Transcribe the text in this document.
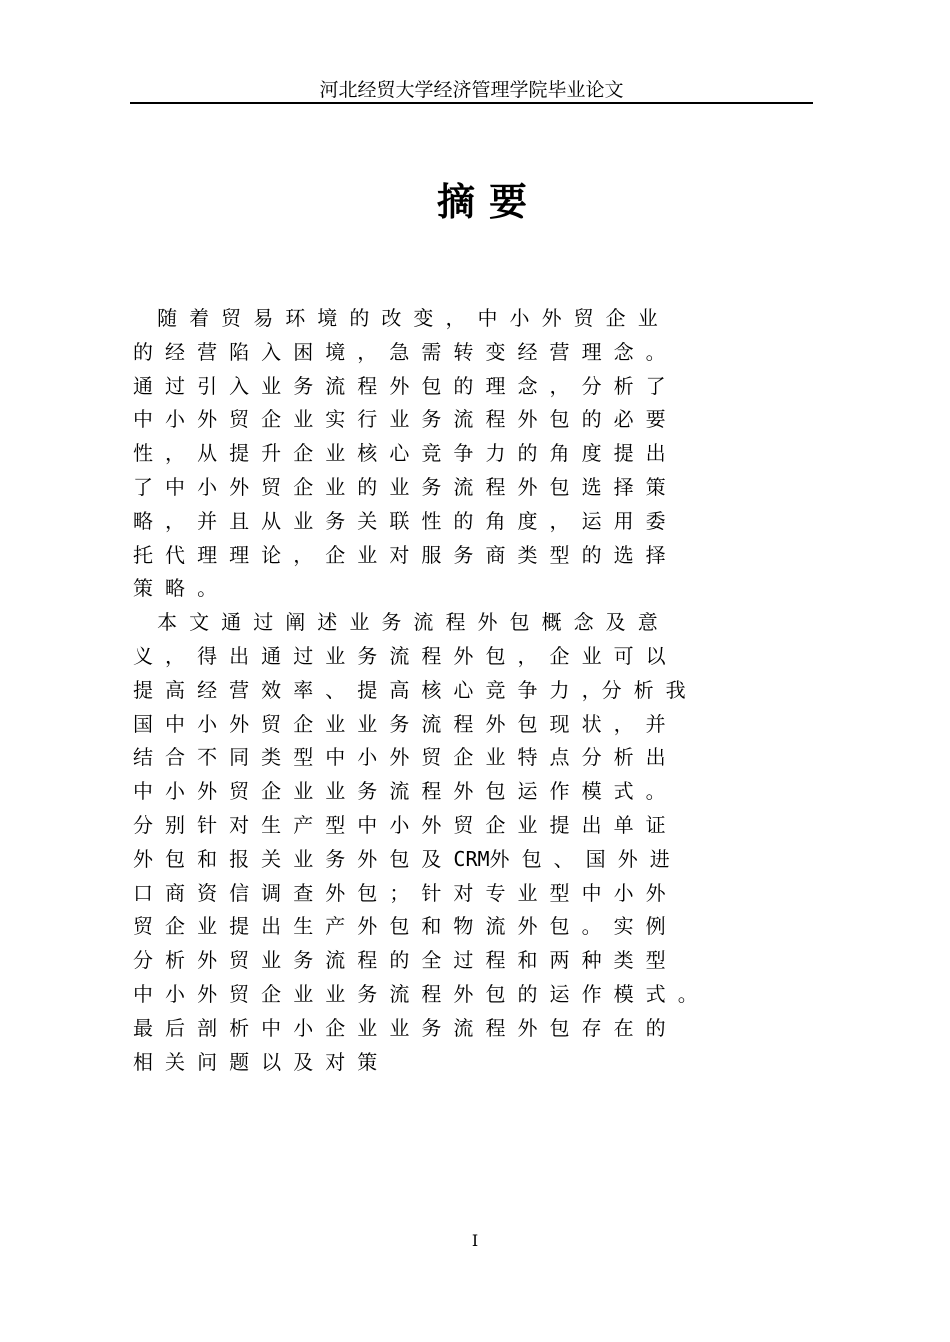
河北经贸大学经济管理学院毕业论文
摘要
随 着 贸 易 环 境 的 改 变 ， 中 小 外 贸 企 业
的 经 营 陷 入 困 境 ， 急 需 转 变 经 营 理 念 。
通 过 引 入 业 务 流 程 外 包 的 理 念 ， 分 析 了
中 小 外 贸 企 业 实 行 业 务 流 程 外 包 的 必 要
性 ， 从 提 升 企 业 核 心 竞 争 力 的 角 度 提 出
了 中 小 外 贸 企 业 的 业 务 流 程 外 包 选 择 策
略 ， 并 且 从 业 务 关 联 性 的 角 度 ， 运 用 委
托 代 理 理 论 ， 企 业 对 服 务 商 类 型 的 选 择
策 略 。
本 文 通 过 阐 述 业 务 流 程 外 包 概 念 及 意
义 ， 得 出 通 过 业 务 流 程 外 包 ， 企 业 可 以
提 高 经 营 效 率 、 提 高 核 心 竞 争 力 ，分 析 我
国 中 小 外 贸 企 业 业 务 流 程 外 包 现 状 ， 并
结 合 不 同 类 型 中 小 外 贸 企 业 特 点 分 析 出
中 小 外 贸 企 业 业 务 流 程 外 包 运 作 模 式 。
分 别 针 对 生 产 型 中 小 外 贸 企 业 提 出 单 证
外 包 和 报 关 业 务 外 包 及 CRM外 包 、 国 外 进
口 商 资 信 调 查 外 包 ； 针 对 专 业 型 中 小 外
贸 企 业 提 出 生 产 外 包 和 物 流 外 包 。 实 例
分 析 外 贸 业 务 流 程 的 全 过 程 和 两 种 类 型
中 小 外 贸 企 业 业 务 流 程 外 包 的 运 作 模 式 。
最 后 剖 析 中 小 企 业 业 务 流 程 外 包 存 在 的
相 关 问 题 以 及 对 策
I
